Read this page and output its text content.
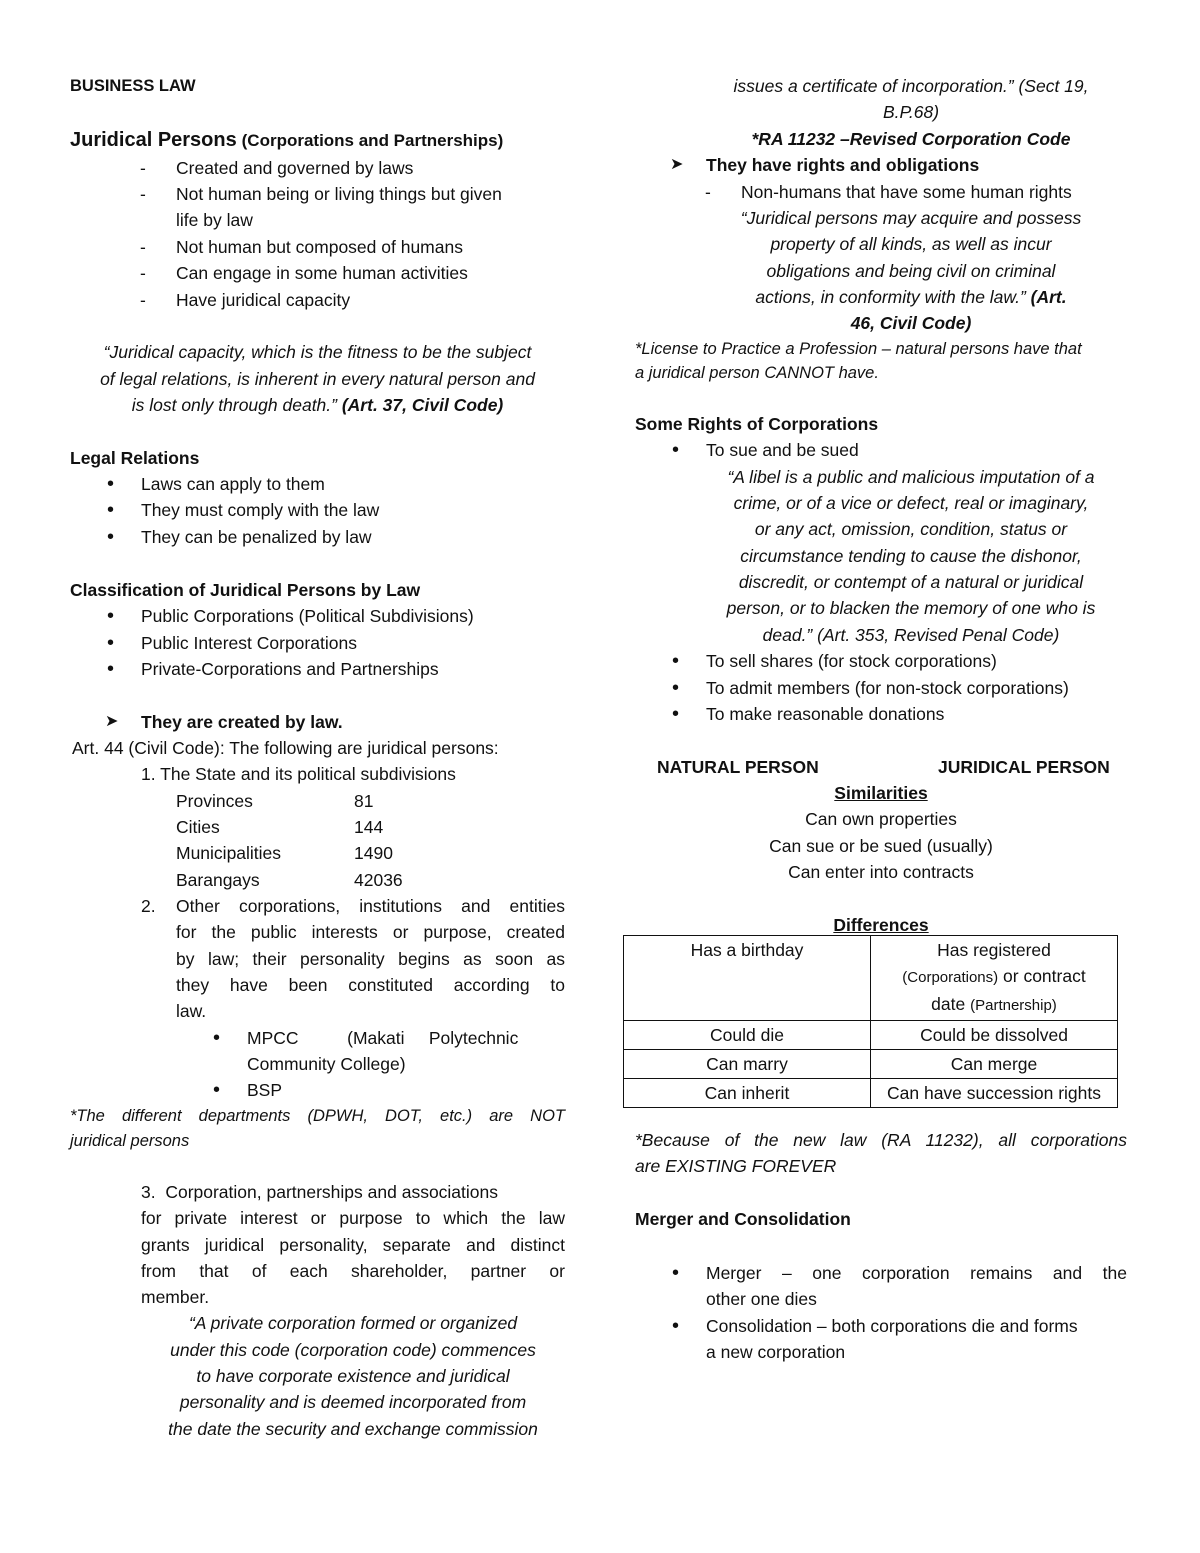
BUSINESS LAW
Juridical Persons (Corporations and Partnerships)
- Created and governed by laws
- Not human being or living things but given
life by law
- Not human but composed of humans
- Can engage in some human activities
- Have juridical capacity
“Juridical capacity, which is the fitness to be the subject
of legal relations, is inherent in every natural person and
is lost only through death.” (Art. 37, Civil Code)
Legal Relations
• Laws can apply to them
• They must comply with the law
• They can be penalized by law
Classification of Juridical Persons by Law
• Public Corporations (Political Subdivisions)
• Public Interest Corporations
• Private-Corporations and Partnerships
➤ They are created by law.
Art. 44 (Civil Code): The following are juridical persons:
1. The State and its political subdivisions
Provinces	81
Cities	144
Municipalities	1490
Barangays	42036
2.	Other corporations, institutions and entities
for the public interests or purpose, created
by law; their personality begins as soon as
they have been constituted according to
law.
• MPCC          (Makati     Polytechnic
Community College)
• BSP
*The different departments (DPWH, DOT, etc.) are NOT
juridical persons
3.  Corporation, partnerships and associations
for private interest or purpose to which the law
grants juridical personality, separate and distinct
from that of each shareholder, partner or
member.
“A private corporation formed or organized
under this code (corporation code) commences
to have corporate existence and juridical
personality and is deemed incorporated from
the date the security and exchange commission
issues a certificate of incorporation.” (Sect 19,
B.P.68)
*RA 11232 –Revised Corporation Code
➤ They have rights and obligations
- Non-humans that have some human rights
“Juridical persons may acquire and possess
property of all kinds, as well as incur
obligations and being civil on criminal
actions, in conformity with the law.” (Art.
46, Civil Code)
*License to Practice a Profession – natural persons have that
a juridical person CANNOT have.
Some Rights of Corporations
• To sue and be sued
“A libel is a public and malicious imputation of a
crime, or of a vice or defect, real or imaginary,
or any act, omission, condition, status or
circumstance tending to cause the dishonor,
discredit, or contempt of a natural or juridical
person, or to blacken the memory of one who is
dead.” (Art. 353, Revised Penal Code)
• To sell shares (for stock corporations)
• To admit members (for non-stock corporations)
• To make reasonable donations
NATURAL PERSON	JURIDICAL PERSON
Similarities
Can own properties
Can sue or be sued (usually)
Can enter into contracts
Differences
Has a birthday	Has registered
(Corporations) or contract
date (Partnership)

Could die	Could be dissolved
Can marry	Can merge
Can inherit	Can have succession rights
*Because of the new law (RA 11232), all corporations
are EXISTING FOREVER
Merger and Consolidation
• Merger – one corporation remains and the
other one dies
• Consolidation – both corporations die and forms
a new corporation
